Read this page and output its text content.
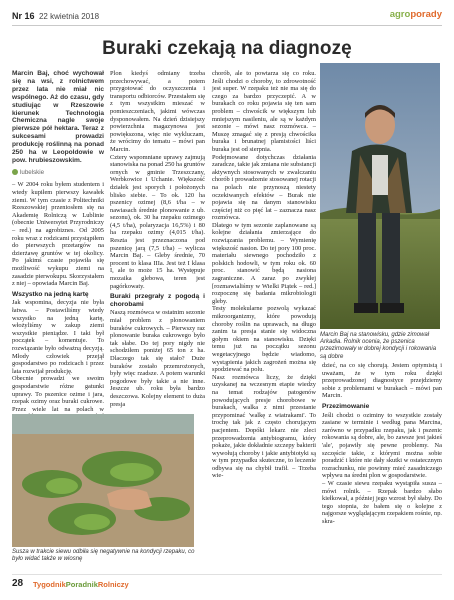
Nr 16 22 kwietnia 2018	agroporady
Buraki czekają na diagnozę

Marcin Baj, choć wychował się na wsi, z rolnictwem przez lata nie miał nic wspólnego. Aż do czasu, gdy studiując w Rzeszowie kierunek Technologia Chemiczna nagle swoje pierwsze pół hektara. Teraz z sukcesami prowadzi produkcję roślinną na ponad 250 ha w Leopoldowie w pow. hrubieszowskim.

lubelskie

– W 2004 roku byłem studentem i wtedy kupiłem pierwszy kawałek ziemi. W tym czasie z Politechniki Rzeszowskiej przeniosłem się na Akademię Rolniczą w Lublinie (obecnie Uniwersytet Przyrodniczy – red.) na agrobiznes. Od 2005 roku wraz z rodzicami przystąpiłem do pierwszych przetargów na dzierżawę gruntów w tej okolicy. Po jakimś czasie pojawiła się możliwość wykupu ziemi na zasadzie pierwokupu. Skorzystałem z niej – opowiada Marcin Baj.

Wszystko na jedną kartę

Jak wspomina, decyzja nie była łatwa. – Postawiliśmy wtedy wszystko na jedną kartę, włożyliśmy w zakup ziemi wszystkie pieniądze. I taki był początek – komentuje. To rozwiązanie było odważną decyzją. Młody człowiek przejął gospodarstwo po rodzicach i przez lata rozwijał produkcję.

Obecnie prowadzi we swoim gospodarstwie różne gatunki uprawy. To pszenice ozime i jara, rzepak ozimy oraz buraki cukrowe. Przez wiele lat na polach w

Plon kiedyś odmiany trzeba przechowywać, a potem przygotować do oczyszczenia i transportu odbiorców. Przestałem się z tym wszystkim mieszać w pomieszczeniach, jakimi wówczas dysponowałem. Na dzień dzisiejszy powierzchnia magazynowa jest powiększona, więc nie wykluczam, że wrócimy do tematu – mówi pan Marcin.

Cztery wspomniane uprawy zajmują stanowiska na ponad 250 ha gruntów ornych w gminie Trzeszczany, Werbkowice i Uchanie. Większość działek jest sporych i położonych blisko siebie. – To ok. 120 ha pszenicy ozimej (8,6 t/ha – w nawiasach średnie plonowanie z ub. sezonu), ok. 30 ha rzepaku ozimego (4,5 t/ha), polaryzacja 16,5%) i 80 ha rzepaku ozimy (4,015 t/ha). Reszta jest przeznaczona pod pszenicę jarą (7,5 t/ha) – wylicza Marcin Baj. – Gleby średnie, 70 procent to klasa IIIa. Jest też I klasa I, ale to może 15 ha. Występuje mozaika glebowa, teren jest pagórkowaty.

Buraki przegrały z pogodą i chorobami

Naszą rozmówca w ostatnim sezonie miał problem z plonowaniem buraków cukrowych. – Pierwszy raz plonowanie buraka cukrowego było tak słabe. Do tej pory nigdy nie schodziłem poniżej 65 ton z ha. Dlaczego tak się stało? Duże buraków zostało przemrożonych, były więc rzadsze. A potem warunki pogodowe były takie a nie inne. Jeszcze ub. roku była bardzo deszczowa. Kolejny element to duża presja

chorób, ale to powtarza się co roku. Jeśli chodzi o choroby, to zdrowotność jest super. W rzepaku też nie ma się do czego za bardzo przyczepić. A w burakach co roku pojawia się ten sam problem – chwościk w większym lub mniejszym nasileniu, ale są w każdym sezonie – mówi nasz rozmówca. – Muszę zmagać się z presją chwościka buraka i brunatnej plamistości liści buraka jest od sierpnia.

Podejmowane dotychczas działania zaradcze, takie jak zmiana nie substancji aktywnych stosowanych w zwalczaniu chorób i prowadzenie stosowanej rotacji na polach nie przynoszą niestety oczekiwanych efektów – Burak nie pojawia się na danym stanowisku częściej niż co pięć lat – zaznacza nasz rozmówca.

Dlatego w tym sezonie zaplanowane są kolejne działania zmierzające do rozwiązania problemu. – Wymienię większość nasion. Do tej pory 100 proc. materiału siewnego pochodziło z polskich hodowli, w tym roku ok. 60 proc. stanowić będą nasiona zagraniczne. A zaraz po zwykłej [rozmawialiśmy w Wielki Piątek – red.] rozpocznę się badania mikrobiologii gleby.

Testy molekularne pozwolą wykazać mikroorganizmy, które powodują choroby roślin na uprawach, na długo zanim ta presja stanie się widoczna gołym okiem na stanowisku. Dzięki temu już na początku sezonu wegetacyjnego będzie wiadomo, wystąpienia jakich zagrożeń można się spodziewać na polu.

Nasz rozmówca liczy, że dzięki uzyskanej na wczesnym etapie wiedzy na temat rodzajów patogenów powodujących presje chorobowe w burakach, walka z nimi przestanie przypominać 'walkę z wiatrakami'. To trochę tak jak z często chorującym pacjentem. Dopóki lekarz nie zleci przeprowadzenia antybiogramu, który pokaże, jakie dokładnie szczepy bakterii wywołują choroby i jakie antybiotyki są w tym przypadku skuteczne, to leczenie odbywa się na chybił trafił. – Trzeba wie-

Marcin Baj na stanowisku, gdzie zimował Arkadia. Rolnik ocenia, że pszenica przezimowały w dobrej kondycji i rokowania są dobre

dzieć, na co się chorują. Jestem optymistą i uważam, że w tym roku dzięki przeprowadzonej diagnostyce przejdziemy sobie z problemami w burakach – mówi pan Marcin.

Przezimowanie

Jeśli chodzi o oziminy to wszystkie zostały zasiane w terminie i według pana Marcina, zarówno w przypadku rzepaku, jak i pszenic rokowania są dobre, ale, bo zawsze jest jakieś 'ale', pojawiły się pewne problemy. Na szczęście takie, z którymi można sobie poradzić i które nie dały skutki w ostatecznym rozrachunku, nie powinny mieć zasadniczego wpływu na średni plon w gospodarstwie.

– W czasie siewu rzepaku wystąpiła susza – mówi rolnik. – Rzepak bardzo słabo kiełkował, a później jego wzrost był słaby. Do tego stopnia, że bałem się o kolejne z najgorsze wyglądającym rzepakiem rośnie, np. skra-

Susza w trakcie siewu odbiła się negatywnie na kondycji rzepaku, co było widać także w wiosnę
28 TygodnikPoradnikRolniczy
